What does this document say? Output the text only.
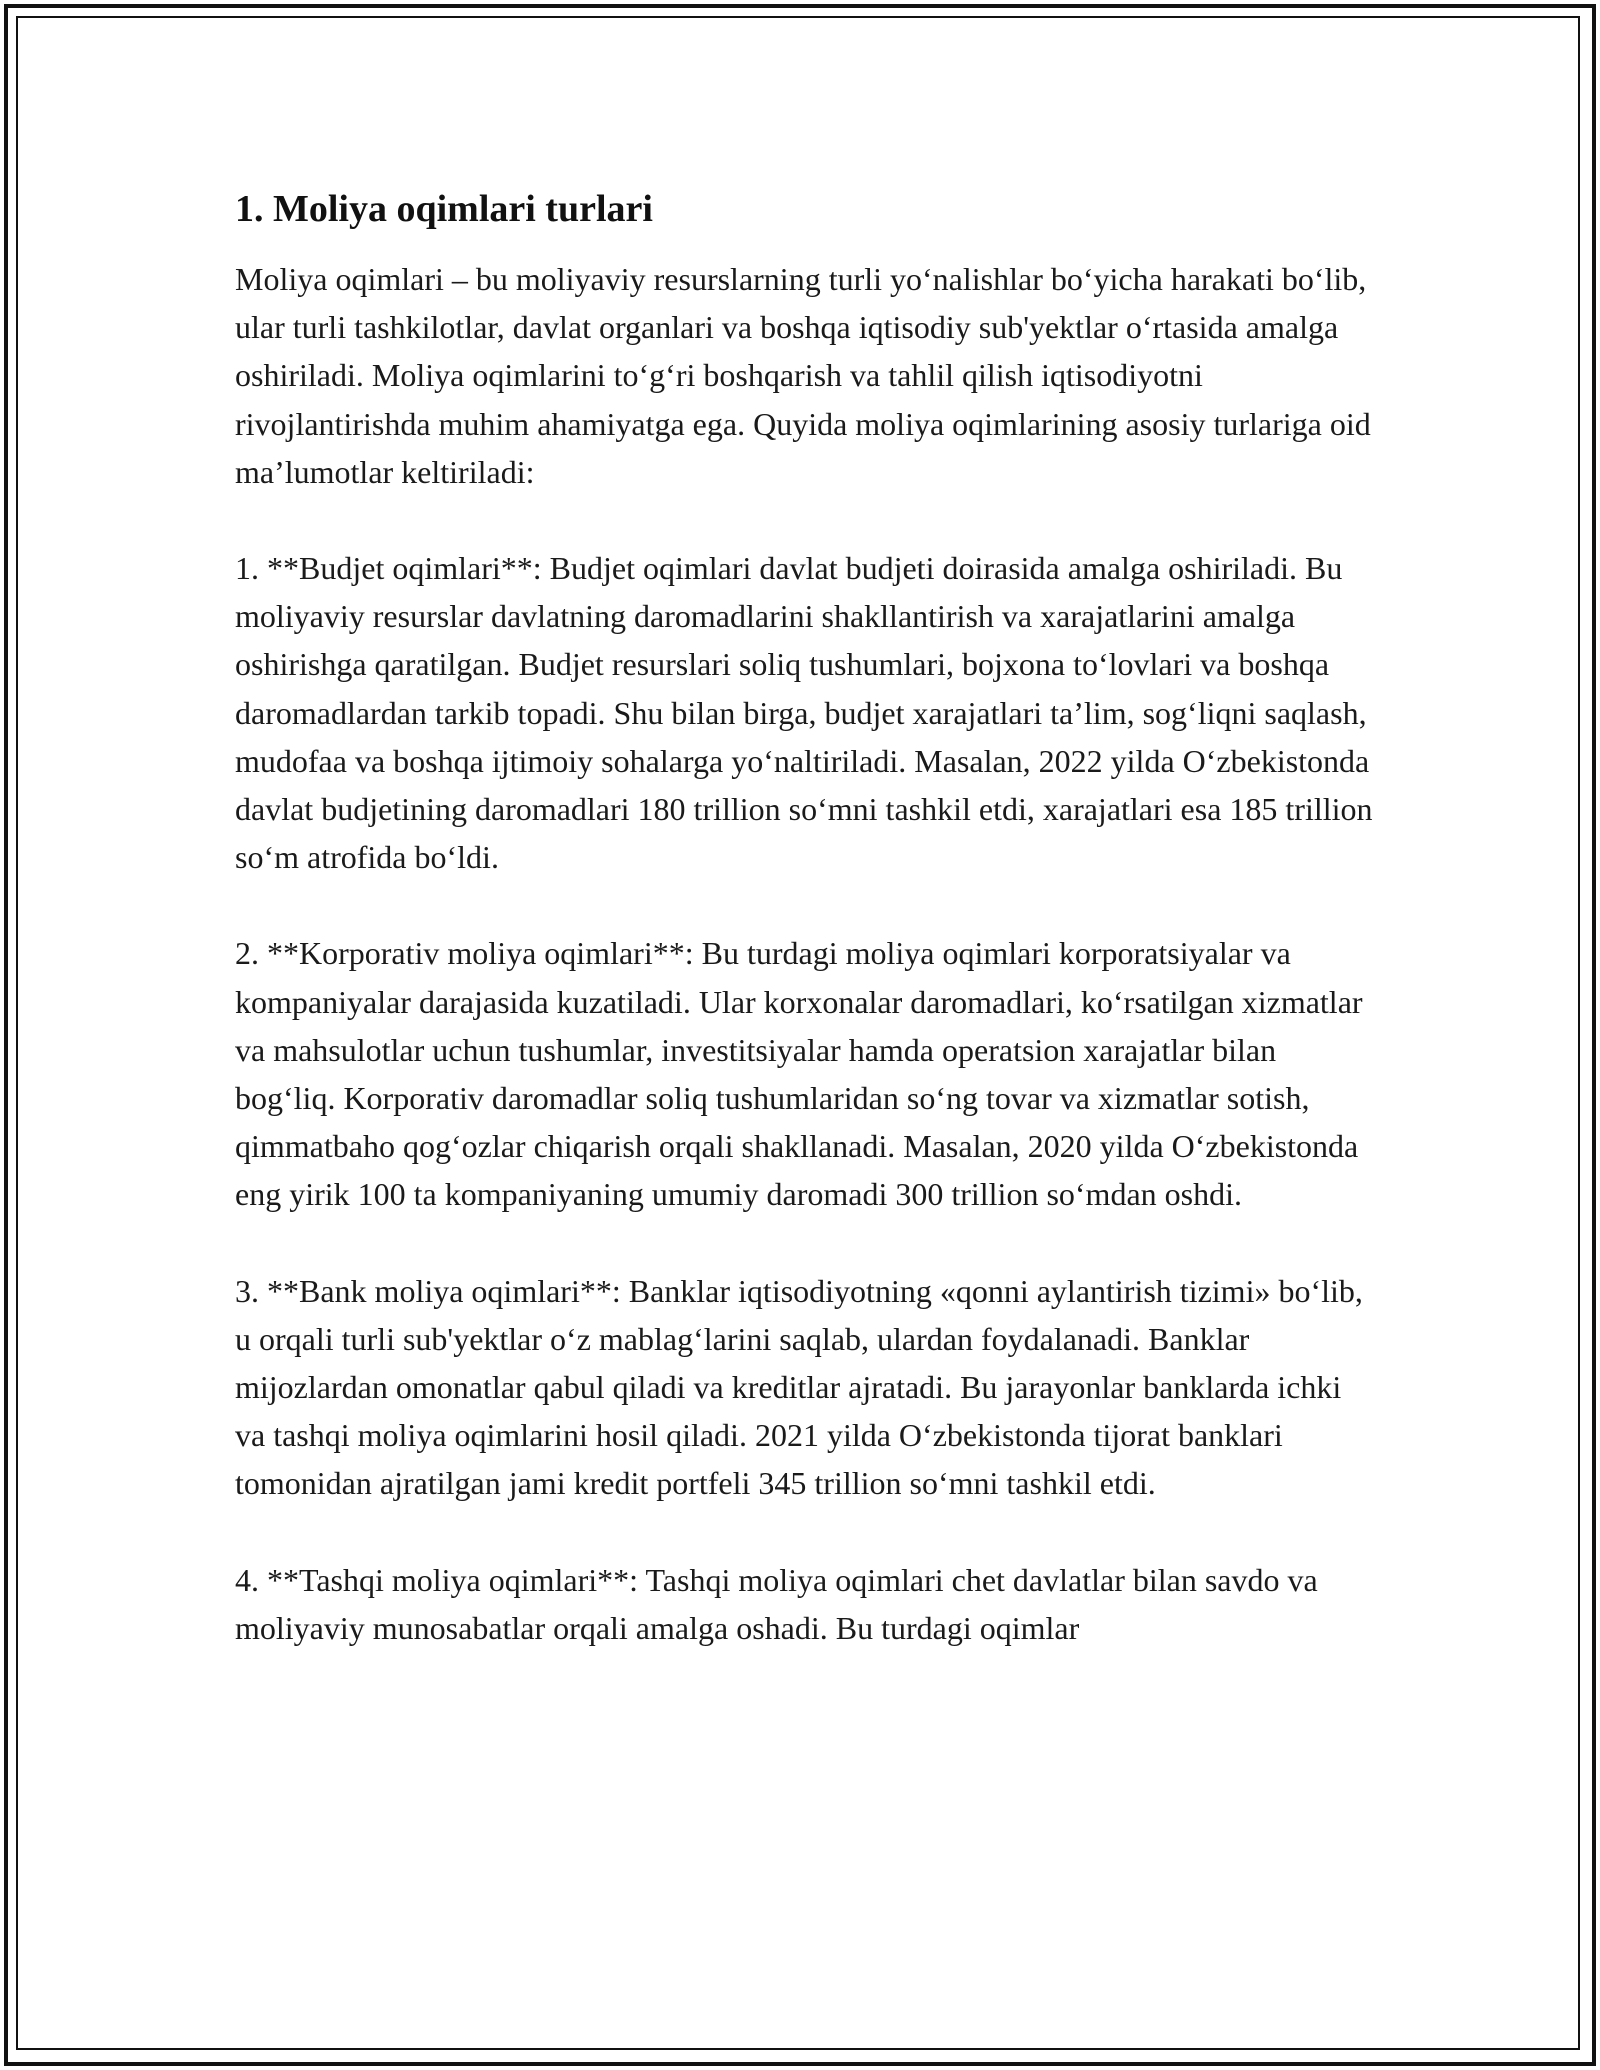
1. Moliya oqimlari turlari

Moliya oqimlari – bu moliyaviy resurslarning turli yoʻnalishlar boʻyicha harakati boʻlib, ular turli tashkilotlar, davlat organlari va boshqa iqtisodiy sub'yektlar oʻrtasida amalga oshiriladi. Moliya oqimlarini toʻgʻri boshqarish va tahlil qilish iqtisodiyotni rivojlantirishda muhim ahamiyatga ega. Quyida moliya oqimlarining asosiy turlariga oid maʼlumotlar keltiriladi:

1. **Budjet oqimlari**: Budjet oqimlari davlat budjeti doirasida amalga oshiriladi. Bu moliyaviy resurslar davlatning daromadlarini shakllantirish va xarajatlarini amalga oshirishga qaratilgan. Budjet resurslari soliq tushumlari, bojxona toʻlovlari va boshqa daromadlardan tarkib topadi. Shu bilan birga, budjet xarajatlari taʼlim, sogʻliqni saqlash, mudofaa va boshqa ijtimoiy sohalarga yoʻnaltiriladi. Masalan, 2022 yilda Oʻzbekistonda davlat budjetining daromadlari 180 trillion soʻmni tashkil etdi, xarajatlari esa 185 trillion soʻm atrofida boʻldi.

2. **Korporativ moliya oqimlari**: Bu turdagi moliya oqimlari korporatsiyalar va kompaniyalar darajasida kuzatiladi. Ular korxonalar daromadlari, koʻrsatilgan xizmatlar va mahsulotlar uchun tushumlar, investitsiyalar hamda operatsion xarajatlar bilan bogʻliq. Korporativ daromadlar soliq tushumlaridan soʻng tovar va xizmatlar sotish, qimmatbaho qogʻozlar chiqarish orqali shakllanadi. Masalan, 2020 yilda Oʻzbekistonda eng yirik 100 ta kompaniyaning umumiy daromadi 300 trillion soʻmdan oshdi.

3. **Bank moliya oqimlari**: Banklar iqtisodiyotning «qonni aylantirish tizimi» boʻlib, u orqali turli sub'yektlar oʻz mablagʻlarini saqlab, ulardan foydalanadi. Banklar mijozlardan omonatlar qabul qiladi va kreditlar ajratadi. Bu jarayonlar banklarda ichki va tashqi moliya oqimlarini hosil qiladi. 2021 yilda Oʻzbekistonda tijorat banklari tomonidan ajratilgan jami kredit portfeli 345 trillion soʻmni tashkil etdi.

4. **Tashqi moliya oqimlari**: Tashqi moliya oqimlari chet davlatlar bilan savdo va moliyaviy munosabatlar orqali amalga oshadi. Bu turdagi oqimlar
